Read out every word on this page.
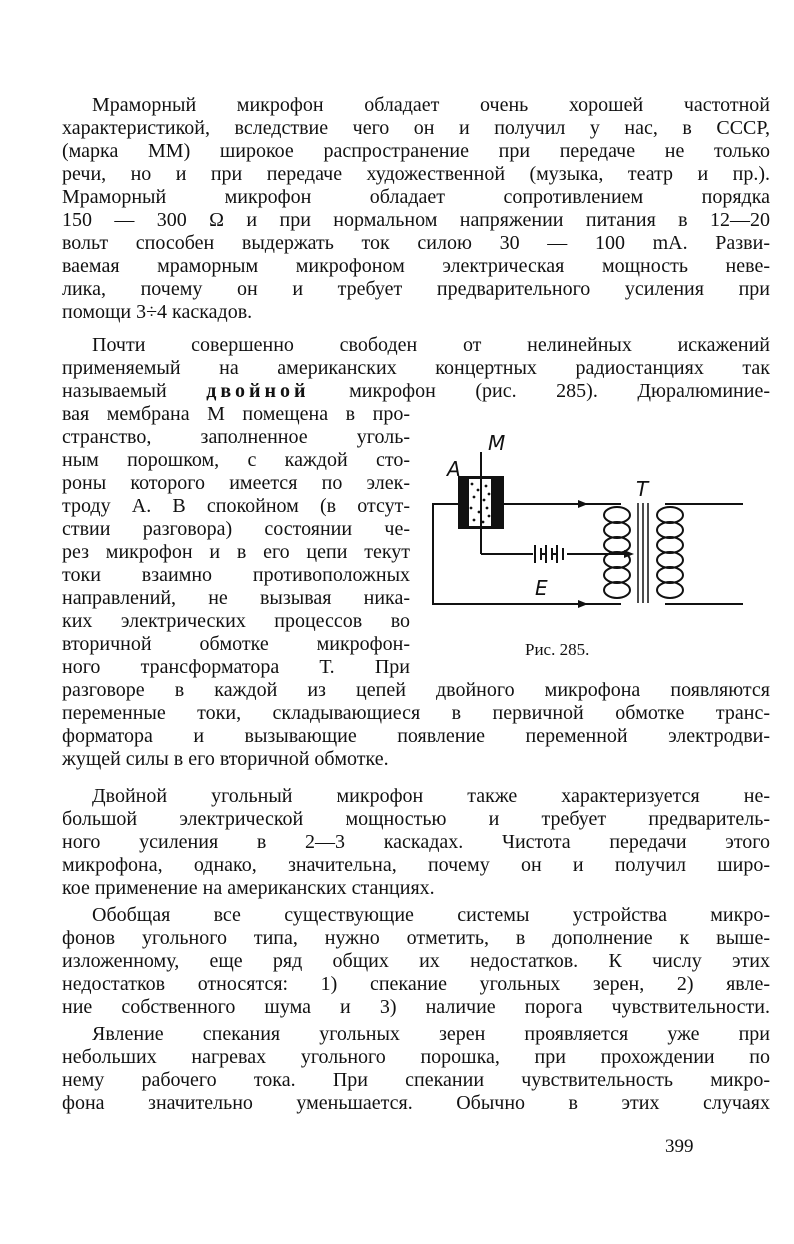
Мраморный микрофон обладает очень хорошей частотной
характеристикой, вследствие чего он и получил у нас, в СССР,
(марка ММ) широкое распространение при передаче не только
речи, но и при передаче художественной (музыка, театр и пр.).
Мраморный микрофон обладает сопротивлением порядка
150 — 300 Ω и при нормальном напряжении питания в 12—20
вольт способен выдержать ток силою 30 — 100 mA. Разви-
ваемая мраморным микрофоном электрическая мощность неве-
лика, почему он и требует предварительного усиления при
помощи 3÷4 каскадов.
Почти совершенно свободен от нелинейных искажений
применяемый на американских концертных радиостанциях так
называемый двойной микрофон (рис. 285). Дюралюминие-
вая мембрана М помещена в про-
странство, заполненное уголь-
ным порошком, с каждой сто-
роны которого имеется по элек-
троду А. В спокойном (в отсут-
ствии разговора) состоянии че-
рез микрофон и в его цепи текут
токи взаимно противоположных
направлений, не вызывая ника-
ких электрических процессов во
вторичной обмотке микрофон-
ного трансформатора Т. При
разговоре в каждой из цепей двойного микрофона появляются
переменные токи, складывающиеся в первичной обмотке транс-
форматора и вызывающие появление переменной электродви-
жущей силы в его вторичной обмотке.
Двойной угольный микрофон также характеризуется не-
большой электрической мощностью и требует предваритель-
ного усиления в 2—3 каскадах. Чистота передачи этого
микрофона, однако, значительна, почему он и получил широ-
кое применение на американских станциях.
Обобщая все существующие системы устройства микро-
фонов угольного типа, нужно отметить, в дополнение к выше-
изложенному, еще ряд общих их недостатков. К числу этих
недостатков относятся: 1) спекание угольных зерен, 2) явле-
ние собственного шума и 3) наличие порога чувствительности.
Явление спекания угольных зерен проявляется уже при
небольших нагревах угольного порошка, при прохождении по
нему рабочего тока. При спекании чувствительность микро-
фона значительно уменьшается. Обычно в этих случаях
А
М
Т
Е
Рис. 285.
399
